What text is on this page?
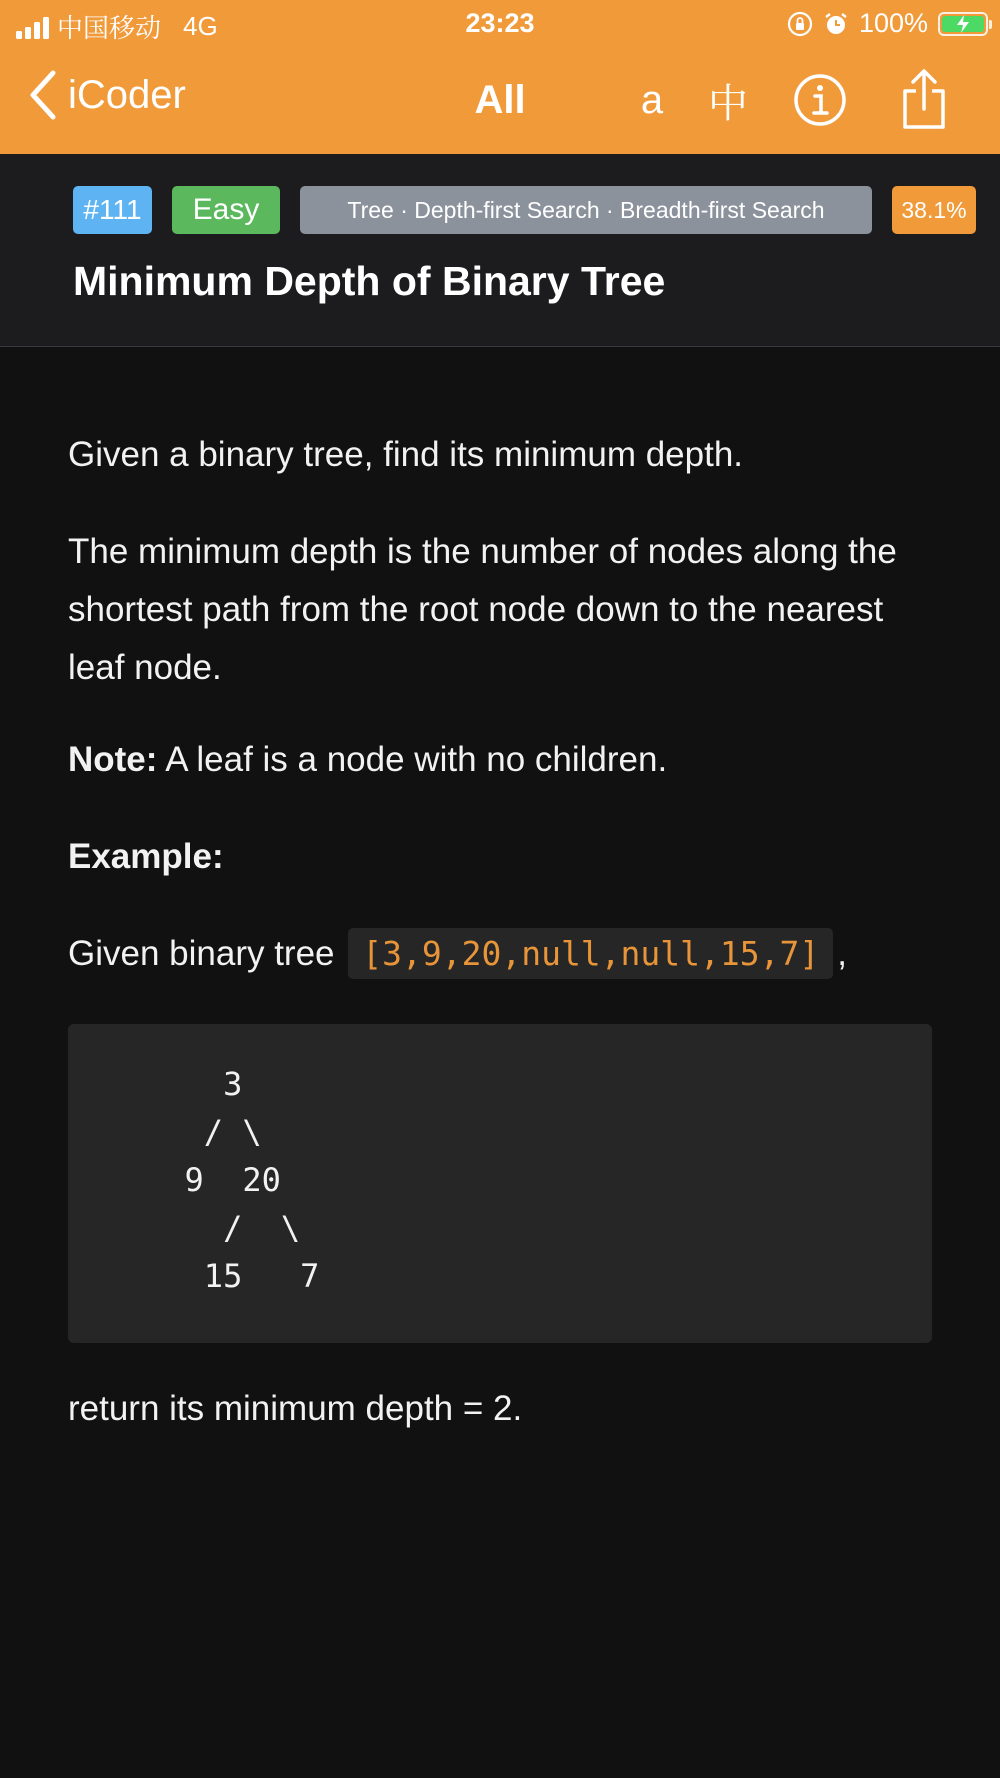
中国移动 4G	23:23	100%
iCoder	All	a 中
#111	Easy	Tree · Depth-first Search · Breadth-first Search	38.1%
Minimum Depth of Binary Tree

Given a binary tree, find its minimum depth.

The minimum depth is the number of nodes along the shortest path from the root node down to the nearest leaf node.

Note: A leaf is a node with no children.

Example:

Given binary tree [3,9,20,null,null,15,7] ,

3
/ \
9  20
/  \
15   7

return its minimum depth = 2.
